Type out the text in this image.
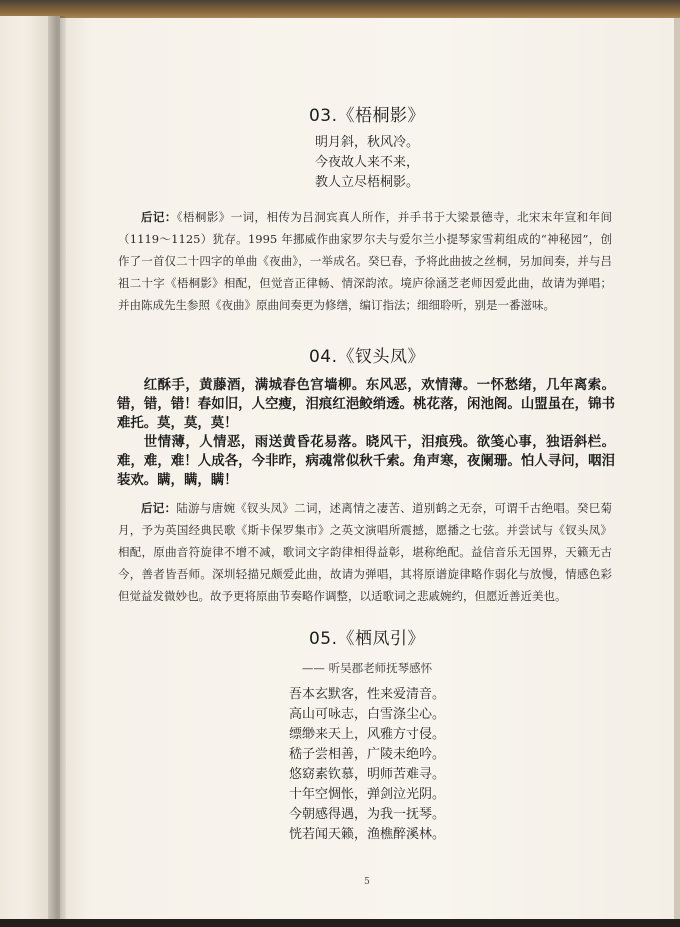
03.《梧桐影》
明月斜，秋风冷。
今夜故人来不来，
教人立尽梧桐影。
后记：《梧桐影》一词，相传为吕洞宾真人所作，并手书于大梁景德寺，北宋末年宣和年间（1119～1125）犹存。1995 年挪威作曲家罗尔夫与爱尔兰小提琴家雪莉组成的“神秘园”，创作了一首仅二十四字的单曲《夜曲》，一举成名。癸巳春，予将此曲披之丝桐，另加间奏，并与吕祖二十字《梧桐影》相配，但觉音正律畅、情深韵浓。境庐徐涵芝老师因爱此曲，故请为弹唱；并由陈成先生参照《夜曲》原曲间奏更为修缮，编订指法；细细聆听，别是一番滋味。
04.《钗头凤》

红酥手，黄藤酒，满城春色宫墙柳。东风恶，欢情薄。一怀愁绪，几年离索。错，错，错！春如旧，人空瘦，泪痕红浥鲛绡透。桃花落，闲池阁。山盟虽在，锦书难托。莫，莫，莫！

世情薄，人情恶，雨送黄昏花易落。晓风干，泪痕残。欲笺心事，独语斜栏。难，难，难！人成各，今非昨，病魂常似秋千索。角声寒，夜阑珊。怕人寻问，咽泪装欢。瞒，瞒，瞒！

后记：陆游与唐婉《钗头凤》二词，述离情之凄苦、道别鹤之无奈，可谓千古绝唱。癸巳菊月，予为英国经典民歌《斯卡保罗集市》之英文演唱所震撼，愿播之七弦。并尝试与《钗头凤》相配，原曲音符旋律不增不减，歌词文字韵律相得益彰，堪称绝配。益信音乐无国界，天籁无古今，善者皆吾师。深圳轻描兄颇爱此曲，故请为弹唱，其将原谱旋律略作弱化与放慢，情感色彩但觉益发微妙也。故予更将原曲节奏略作调整，以适歌词之悲戚婉约，但愿近善近美也。
05.《栖凤引》
—— 听吴郡老师抚琴感怀
吾本玄默客，性来爱清音。
高山可咏志，白雪涤尘心。
缥缈来天上，风雅方寸侵。
嵇子尝相善，广陵未绝吟。
悠窈素钦慕，明师苦难寻。
十年空惆怅，弹剑泣光阴。
今朝感得遇，为我一抚琴。
恍若闻天籁，渔樵醉溪林。
5
